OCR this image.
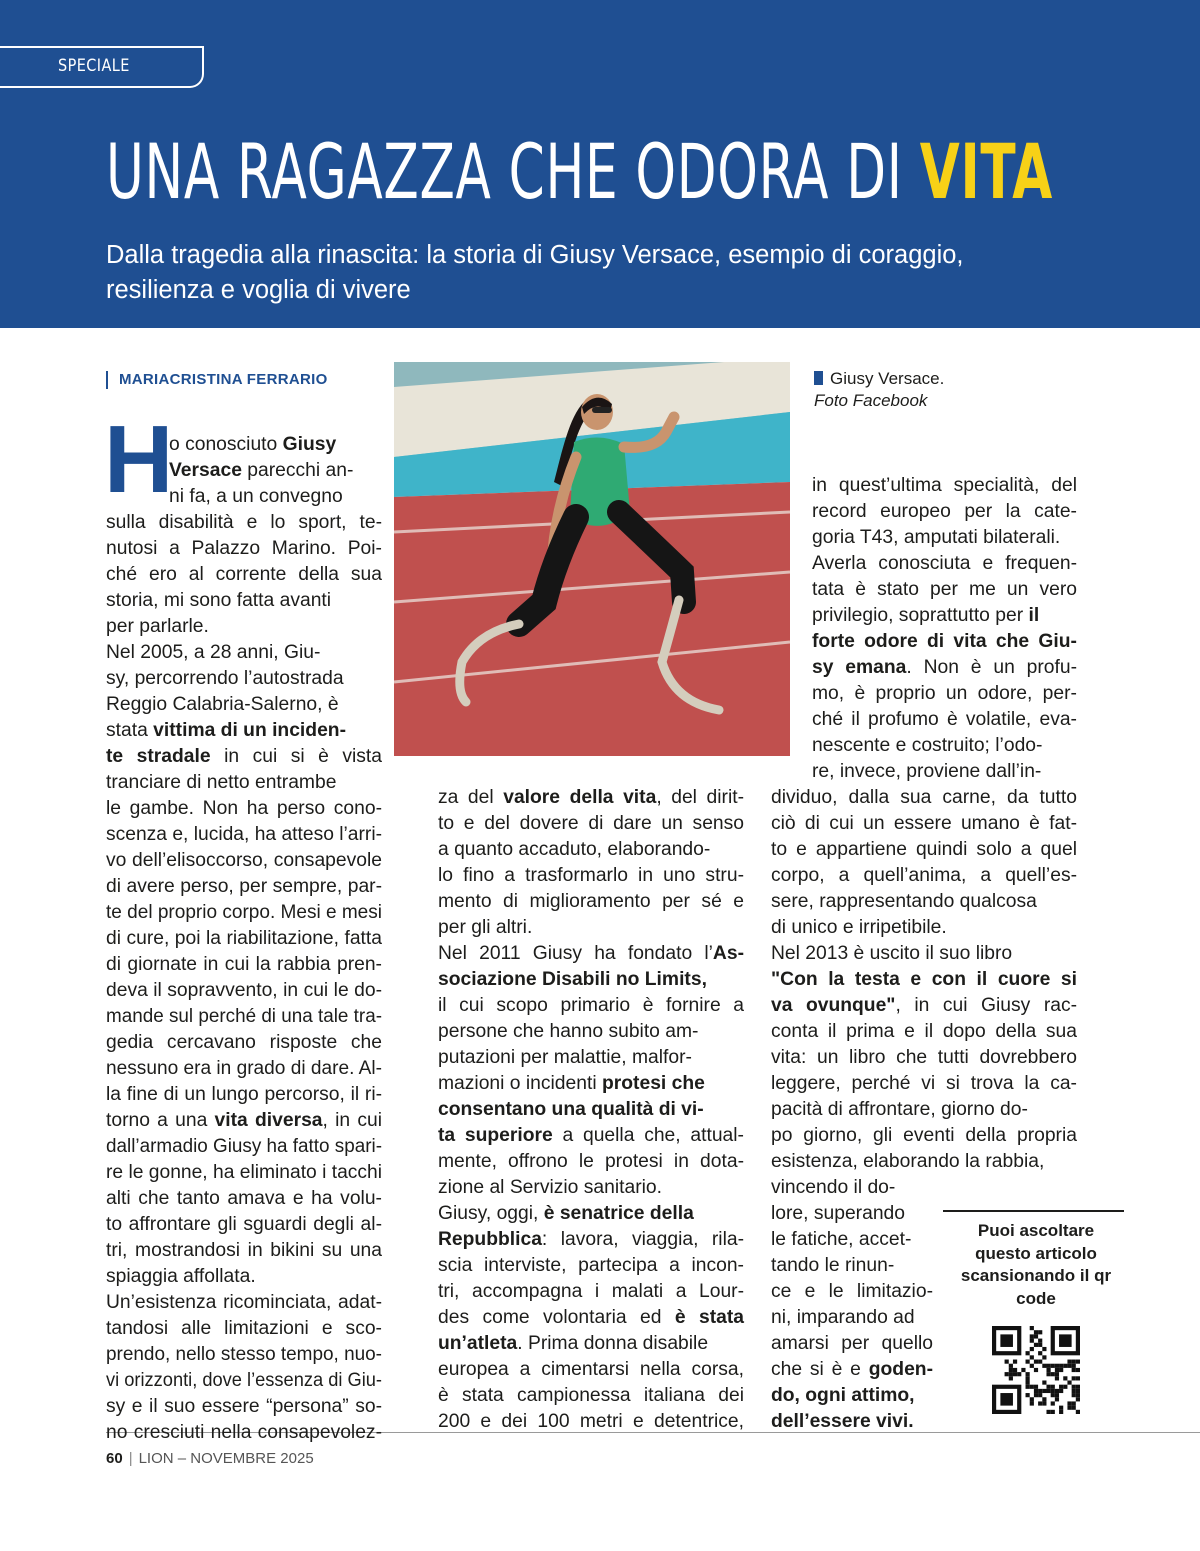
SPECIALE
UNA RAGAZZA CHE ODORA DI VITA

Dalla tragedia alla rinascita: la storia di Giusy Versace, esempio di coraggio, resilienza e voglia di vivere

MARIACRISTINA FERRARIO	Giusy Versace.
Foto Facebook
H
Puoi ascoltare questo articolo scansionando il qr code
60 | LION – NOVEMBRE 2025
o conosciuto Giusy
Versace parecchi an-
ni fa, a un convegno
sulla disabilità e lo sport, te-
nutosi a Palazzo Marino. Poi-
ché ero al corrente della sua
storia, mi sono fatta avanti
per parlarle.
Nel 2005, a 28 anni, Giu-
sy, percorrendo l’autostrada
Reggio Calabria-Salerno, è
stata vittima di un inciden-
te stradale in cui si è vista
tranciare di netto entrambe
le gambe. Non ha perso cono-
scenza e, lucida, ha atteso l’arri-
vo dell’elisoccorso, consapevole
di avere perso, per sempre, par-
te del proprio corpo. Mesi e mesi
di cure, poi la riabilitazione, fatta
di giornate in cui la rabbia pren-
deva il sopravvento, in cui le do-
mande sul perché di una tale tra-
gedia cercavano risposte che
nessuno era in grado di dare. Al-
la fine di un lungo percorso, il ri-
torno a una vita diversa, in cui
dall’armadio Giusy ha fatto spari-
re le gonne, ha eliminato i tacchi
alti che tanto amava e ha volu-
to affrontare gli sguardi degli al-
tri, mostrandosi in bikini su una
spiaggia affollata.
Un’esistenza ricominciata, adat-
tandosi alle limitazioni e sco-
prendo, nello stesso tempo, nuo-
vi orizzonti, dove l’essenza di Giu-
sy e il suo essere “persona” so-
no cresciuti nella consapevolez-
za del valore della vita, del dirit-
to e del dovere di dare un senso
a quanto accaduto, elaborando-
lo fino a trasformarlo in uno stru-
mento di miglioramento per sé e
per gli altri.
Nel 2011 Giusy ha fondato l’As-
sociazione Disabili no Limits,
il cui scopo primario è fornire a
persone che hanno subito am-
putazioni per malattie, malfor-
mazioni o incidenti protesi che
consentano una qualità di vi-
ta superiore a quella che, attual-
mente, offrono le protesi in dota-
zione al Servizio sanitario.
Giusy, oggi, è senatrice della
Repubblica: lavora, viaggia, rila-
scia interviste, partecipa a incon-
tri, accompagna i malati a Lour-
des come volontaria ed è stata
un’atleta. Prima donna disabile
europea a cimentarsi nella corsa,
è stata campionessa italiana dei
200 e dei 100 metri e detentrice,
in quest’ultima specialità, del
record europeo per la cate-
goria T43, amputati bilaterali.
Averla conosciuta e frequen-
tata è stato per me un vero
privilegio, soprattutto per il
forte odore di vita che Giu-
sy emana. Non è un profu-
mo, è proprio un odore, per-
ché il profumo è volatile, eva-
nescente e costruito; l’odo-
re, invece, proviene dall’in-
dividuo, dalla sua carne, da tutto
ciò di cui un essere umano è fat-
to e appartiene quindi solo a quel
corpo, a quell’anima, a quell’es-
sere, rappresentando qualcosa
di unico e irripetibile.
Nel 2013 è uscito il suo libro
"Con la testa e con il cuore si
va ovunque", in cui Giusy rac-
conta il prima e il dopo della sua
vita: un libro che tutti dovrebbero
leggere, perché vi si trova la ca-
pacità di affrontare, giorno do-
po giorno, gli eventi della propria
esistenza, elaborando la rabbia,
vincendo il do-
lore, superando
le fatiche, accet-
tando le rinun-
ce e le limitazio-
ni, imparando ad
amarsi per quello
che si è e goden-
do, ogni attimo,
dell’essere vivi.
